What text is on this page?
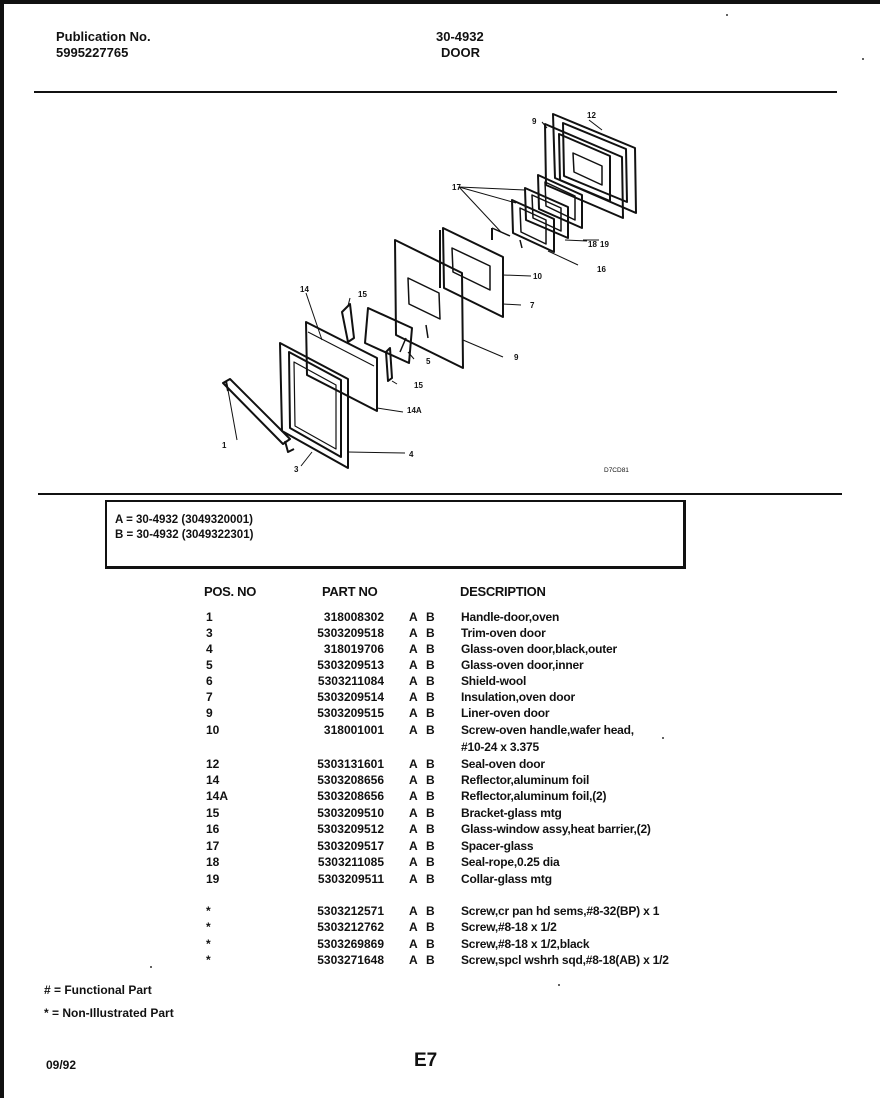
Publication No.
5995227765
30-4932
DOOR
9
12
17
19
18
16
10
7
9
5
15
14
15
14A
4
1
3	D7CD81
A = 30-4932 (3049320001)
B = 30-4932 (3049322301)
POS. NO	PART NO	DESCRIPTION
1	318008302 A B Handle-door,oven
3	5303209518 A B Trim-oven door
4	318019706 A B Glass-oven door,black,outer
5	5303209513 A B Glass-oven door,inner
6	5303211084 A B Shield-wool
7	5303209514 A B Insulation,oven door
9	5303209515 A B Liner-oven door
10	318001001 A B Screw-oven handle,wafer head,
#10-24 x 3.375
12	5303131601 A B Seal-oven door
14	5303208656 A B Reflector,aluminum foil
14A	5303208656 A B Reflector,aluminum foil,(2)
15	5303209510 A B Bracket-glass mtg
16	5303209512 A B Glass-window assy,heat barrier,(2)
17	5303209517 A B Spacer-glass
18	5303211085 A B Seal-rope,0.25 dia
19	5303209511 A B Collar-glass mtg
*	5303212571 A B Screw,cr pan hd sems,#8-32(BP) x 1
*	5303212762 A B Screw,#8-18 x 1/2
*	5303269869 A B Screw,#8-18 x 1/2,black
*	5303271648 A B Screw,spcl wshrh sqd,#8-18(AB) x 1/2
# = Functional Part
* = Non-Illustrated Part
09/92	E7
